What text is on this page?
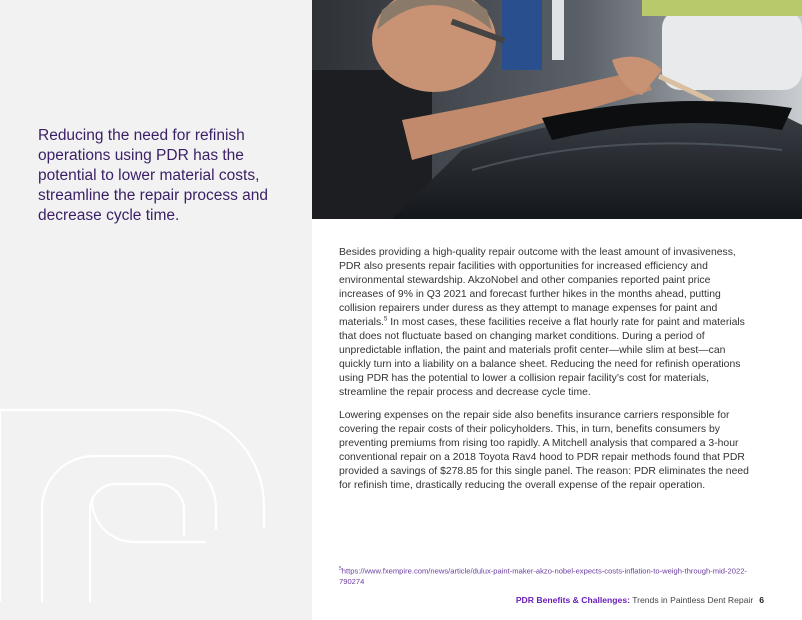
Reducing the need for refinish operations using PDR has the potential to lower material costs, streamline the repair process and decrease cycle time.

Besides providing a high-quality repair outcome with the least amount of invasiveness, PDR also presents repair facilities with opportunities for increased efficiency and environmental stewardship. AkzoNobel and other companies reported paint price increases of 9% in Q3 2021 and forecast further hikes in the months ahead, putting collision repairers under duress as they attempt to manage expenses for paint and materials.$^5$ In most cases, these facilities receive a flat hourly rate for paint and materials that does not fluctuate based on changing market conditions. During a period of unpredictable inflation, the paint and materials profit center—while slim at best—can quickly turn into a liability on a balance sheet. Reducing the need for refinish operations using PDR has the potential to lower a collision repair facility’s cost for materials, streamline the repair process and decrease cycle time.

Lowering expenses on the repair side also benefits insurance carriers responsible for covering the repair costs of their policyholders. This, in turn, benefits consumers by preventing premiums from rising too rapidly. A Mitchell analysis that compared a 3-hour conventional repair on a 2018 Toyota Rav4 hood to PDR repair methods found that PDR provided a savings of $278.85 for this single panel. The reason: PDR eliminates the need for refinish time, drastically reducing the overall expense of the repair operation.

$^5$https://www.fxempire.com/news/article/dulux-paint-maker-akzo-nobel-expects-costs-inflation-to-weigh-through-mid-2022-790274
PDR Benefits & Challenges: Trends in Paintless Dent Repair 6
